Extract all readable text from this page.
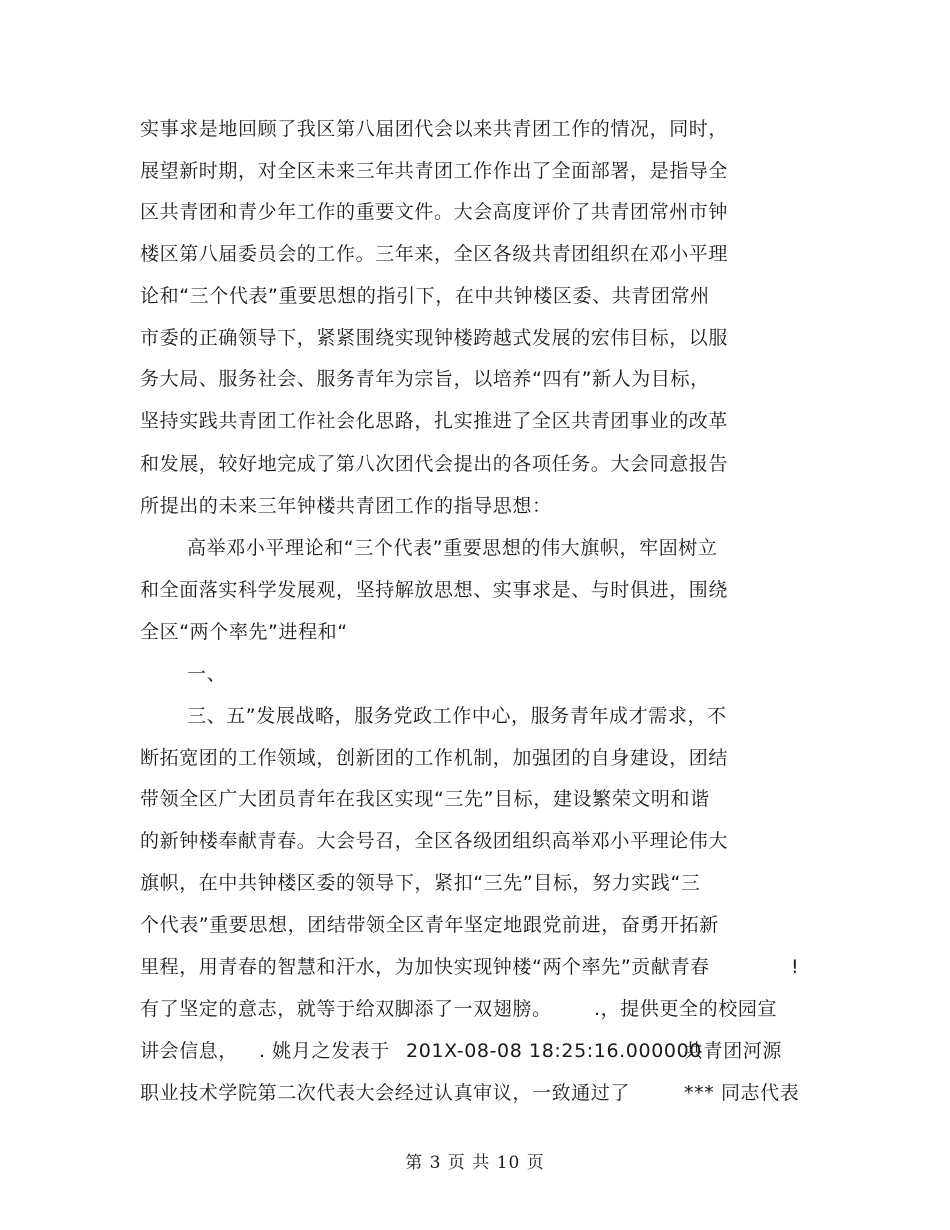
实事求是地回顾了我区第八届团代会以来共青团工作的情况，同时，
展望新时期，对全区未来三年共青团工作作出了全面部署，是指导全
区共青团和青少年工作的重要文件。大会高度评价了共青团常州市钟
楼区第八届委员会的工作。三年来，全区各级共青团组织在邓小平理
论和“三个代表”重要思想的指引下，在中共钟楼区委、共青团常州
市委的正确领导下，紧紧围绕实现钟楼跨越式发展的宏伟目标，以服
务大局、服务社会、服务青年为宗旨，以培养“四有”新人为目标，
坚持实践共青团工作社会化思路，扎实推进了全区共青团事业的改革
和发展，较好地完成了第八次团代会提出的各项任务。大会同意报告
所提出的未来三年钟楼共青团工作的指导思想：
高举邓小平理论和“三个代表”重要思想的伟大旗帜，牢固树立
和全面落实科学发展观，坚持解放思想、实事求是、与时俱进，围绕
全区“两个率先”进程和“
一、
三、五”发展战略，服务党政工作中心，服务青年成才需求，不
断拓宽团的工作领域，创新团的工作机制，加强团的自身建设，团结
带领全区广大团员青年在我区实现“三先”目标，建设繁荣文明和谐
的新钟楼奉献青春。大会号召，全区各级团组织高举邓小平理论伟大
旗帜，在中共钟楼区委的领导下，紧扣“三先”目标，努力实践“三
个代表”重要思想，团结带领全区青年坚定地跟党前进，奋勇开拓新
里程，用青春的智慧和汗水，为加快实现钟楼“两个率先”贡献青春	!
有了坚定的意志，就等于给双脚添了一双翅膀。 .，提供更全的校园宣
讲会信息， . 姚月之发表于 201X-08-08 18:25:16.000000
共青团河源
职业技术学院第二次代表大会经过认真审议，一致通过了	*** 同志代表
第 3 页 共 10 页
